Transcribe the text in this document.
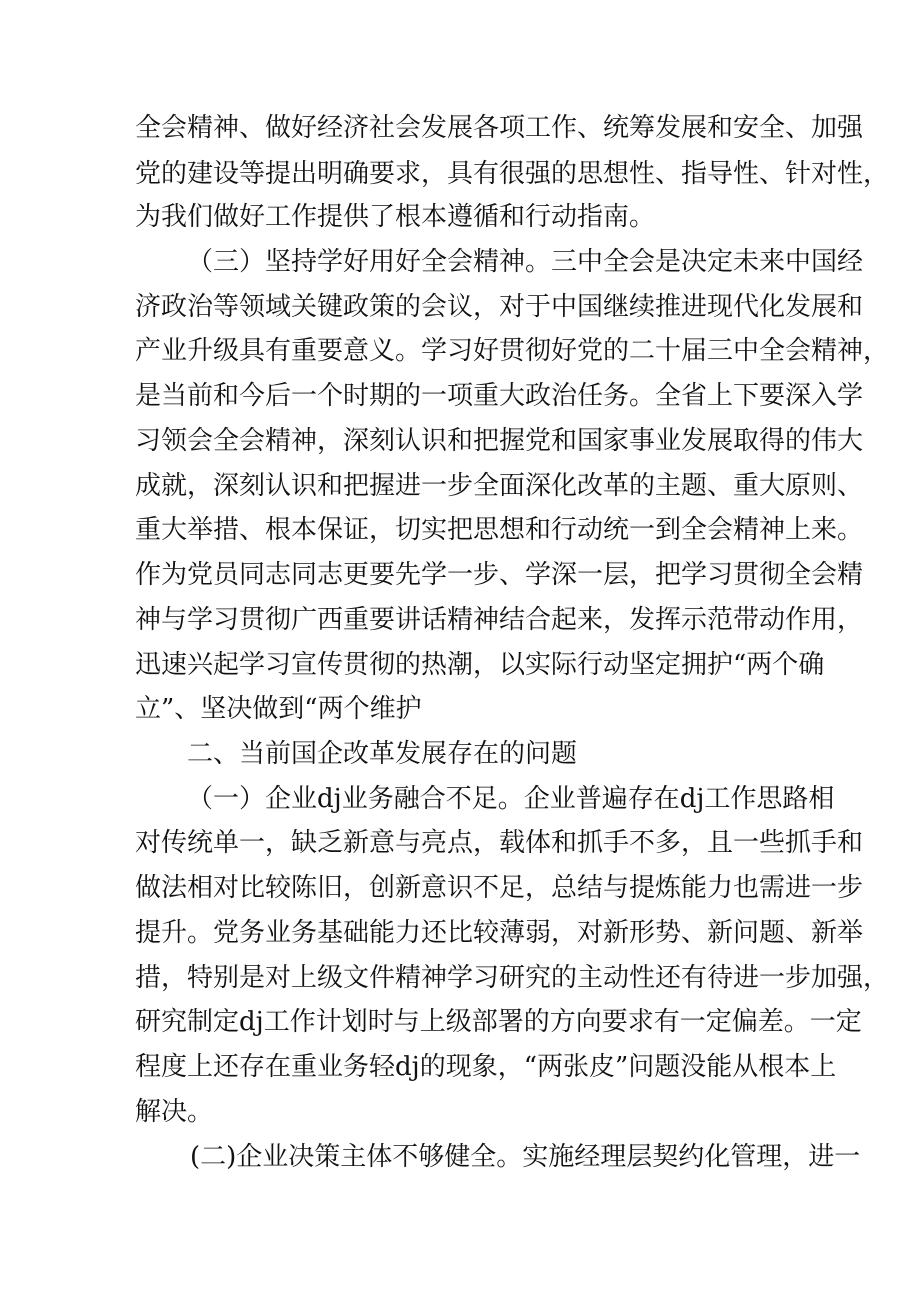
全会精神、做好经济社会发展各项工作、统筹发展和安全、加强
党的建设等提出明确要求，具有很强的思想性、指导性、针对性，
为我们做好工作提供了根本遵循和行动指南。
（三）坚持学好用好全会精神。三中全会是决定未来中国经
济政治等领域关键政策的会议，对于中国继续推进现代化发展和
产业升级具有重要意义。学习好贯彻好党的二十届三中全会精神，
是当前和今后一个时期的一项重大政治任务。全省上下要深入学
习领会全会精神，深刻认识和把握党和国家事业发展取得的伟大
成就，深刻认识和把握进一步全面深化改革的主题、重大原则、
重大举措、根本保证，切实把思想和行动统一到全会精神上来。
作为党员同志同志更要先学一步、学深一层，把学习贯彻全会精
神与学习贯彻广西重要讲话精神结合起来，发挥示范带动作用，
迅速兴起学习宣传贯彻的热潮，以实际行动坚定拥护“两个确
立”、坚决做到“两个维护
二、当前国企改革发展存在的问题
（一）企业dj业务融合不足。企业普遍存在dj工作思路相
对传统单一，缺乏新意与亮点，载体和抓手不多，且一些抓手和
做法相对比较陈旧，创新意识不足，总结与提炼能力也需进一步
提升。党务业务基础能力还比较薄弱，对新形势、新问题、新举
措，特别是对上级文件精神学习研究的主动性还有待进一步加强，
研究制定dj工作计划时与上级部署的方向要求有一定偏差。一定
程度上还存在重业务轻dj的现象，“两张皮”问题没能从根本上
解决。
(二)企业决策主体不够健全。实施经理层契约化管理，进一
